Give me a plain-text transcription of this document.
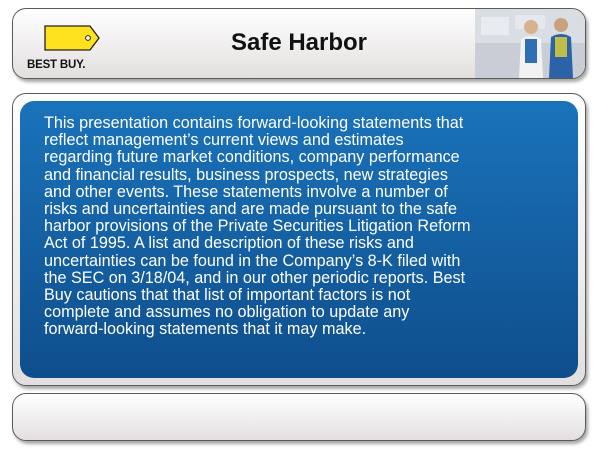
BEST BUY.
Safe Harbor

This presentation contains forward-looking statements that
reflect management’s current views and estimates
regarding future market conditions, company performance
and financial results, business prospects, new strategies
and other events. These statements involve a number of
risks and uncertainties and are made pursuant to the safe
harbor provisions of the Private Securities Litigation Reform
Act of 1995. A list and description of these risks and
uncertainties can be found in the Company’s 8-K filed with
the SEC on 3/18/04, and in our other periodic reports. Best
Buy cautions that that list of important factors is not
complete and assumes no obligation to update any
forward-looking statements that it may make.
